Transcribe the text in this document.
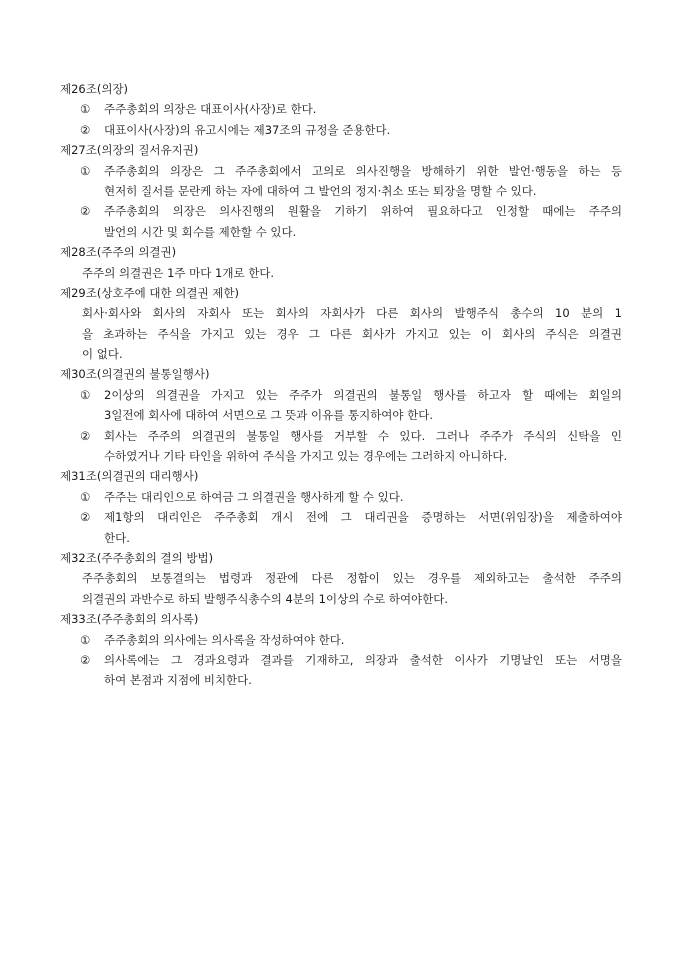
제26조(의장)
①	주주총회의 의장은 대표이사(사장)로 한다.
②	대표이사(사장)의 유고시에는 제37조의 규정을 준용한다.
제27조(의장의 질서유지권)
①	주주총회의 의장은 그 주주총회에서 고의로 의사진행을 방해하기 위한 발언·행동을 하는 등
현저히 질서를 문란케 하는 자에 대하여 그 발언의 정지·취소 또는 퇴장을 명할 수 있다.
②	주주총회의 의장은 의사진행의 원활을 기하기 위하여 필요하다고 인정할 때에는 주주의
발언의 시간 및 회수를 제한할 수 있다.
제28조(주주의 의결권)
주주의 의결권은 1주 마다 1개로 한다.
제29조(상호주에 대한 의결권 제한)
회사·회사와 회사의 자회사 또는 회사의 자회사가 다른 회사의 발행주식 총수의 10 분의 1
을 초과하는 주식을 가지고 있는 경우 그 다른 회사가 가지고 있는 이 회사의 주식은 의결권
이 없다.
제30조(의결권의 불통일행사)
①	2이상의 의결권을 가지고 있는 주주가 의결권의 불통일 행사를 하고자 할 때에는 회일의
3일전에 회사에 대하여 서면으로 그 뜻과 이유를 통지하여야 한다.
②	회사는 주주의 의결권의 불통일 행사를 거부할 수 있다. 그러나 주주가 주식의 신탁을 인
수하였거나 기타 타인을 위하여 주식을 가지고 있는 경우에는 그러하지 아니하다.
제31조(의결권의 대리행사)
①	주주는 대리인으로 하여금 그 의결권을 행사하게 할 수 있다.
②	제1항의 대리인은 주주총회 개시 전에 그 대리권을 증명하는 서면(위임장)을 제출하여야
한다.
제32조(주주총회의 결의 방법)
주주총회의 보통결의는 법령과 정관에 다른 정함이 있는 경우를 제외하고는 출석한 주주의
의결권의 과반수로 하되 발행주식총수의 4분의 1이상의 수로 하여야한다.
제33조(주주총회의 의사록)
①	주주총회의 의사에는 의사록을 작성하여야 한다.
②	의사록에는 그 경과요령과 결과를 기재하고, 의장과 출석한 이사가 기명날인 또는 서명을
하여 본점과 지점에 비치한다.
